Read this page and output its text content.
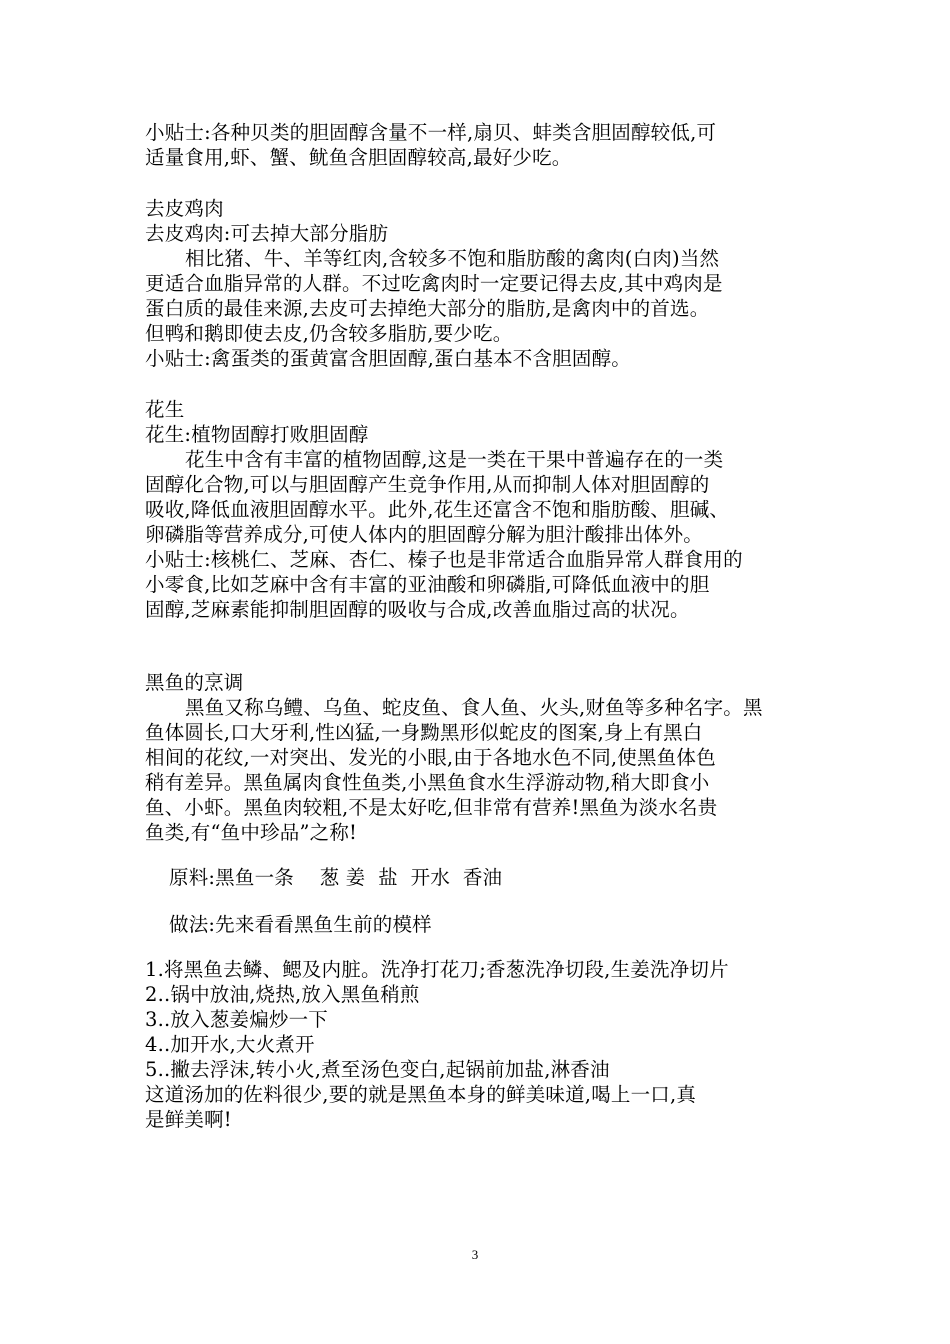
小贴士:各种贝类的胆固醇含量不一样,扇贝、蚌类含胆固醇较低,可
适量食用,虾、蟹、鱿鱼含胆固醇较高,最好少吃。
去皮鸡肉
去皮鸡肉:可去掉大部分脂肪
相比猪、牛、羊等红肉,含较多不饱和脂肪酸的禽肉(白肉)当然
更适合血脂异常的人群。不过吃禽肉时一定要记得去皮,其中鸡肉是
蛋白质的最佳来源,去皮可去掉绝大部分的脂肪,是禽肉中的首选。
但鸭和鹅即使去皮,仍含较多脂肪,要少吃。
小贴士:禽蛋类的蛋黄富含胆固醇,蛋白基本不含胆固醇。
花生
花生:植物固醇打败胆固醇
花生中含有丰富的植物固醇,这是一类在干果中普遍存在的一类
固醇化合物,可以与胆固醇产生竞争作用,从而抑制人体对胆固醇的
吸收,降低血液胆固醇水平。此外,花生还富含不饱和脂肪酸、胆碱、
卵磷脂等营养成分,可使人体内的胆固醇分解为胆汁酸排出体外。
小贴士:核桃仁、芝麻、杏仁、榛子也是非常适合血脂异常人群食用的
小零食,比如芝麻中含有丰富的亚油酸和卵磷脂,可降低血液中的胆
固醇,芝麻素能抑制胆固醇的吸收与合成,改善血脂过高的状况。
黑鱼的烹调
黑鱼又称乌鳢、乌鱼、蛇皮鱼、食人鱼、火头,财鱼等多种名字。黑
鱼体圆长,口大牙利,性凶猛,一身黝黑形似蛇皮的图案,身上有黑白
相间的花纹,一对突出、发光的小眼,由于各地水色不同,使黑鱼体色
稍有差异。黑鱼属肉食性鱼类,小黑鱼食水生浮游动物,稍大即食小
鱼、小虾。黑鱼肉较粗,不是太好吃,但非常有营养!黑鱼为淡水名贵
鱼类,有“鱼中珍品”之称!
原料:黑鱼一条    葱 姜  盐  开水  香油
做法:先来看看黑鱼生前的模样
1.将黑鱼去鳞、鳃及内脏。洗净打花刀;香葱洗净切段,生姜洗净切片
2..锅中放油,烧热,放入黑鱼稍煎
3..放入葱姜煸炒一下
4..加开水,大火煮开
5..撇去浮沫,转小火,煮至汤色变白,起锅前加盐,淋香油
这道汤加的佐料很少,要的就是黑鱼本身的鲜美味道,喝上一口,真
是鲜美啊!
3
